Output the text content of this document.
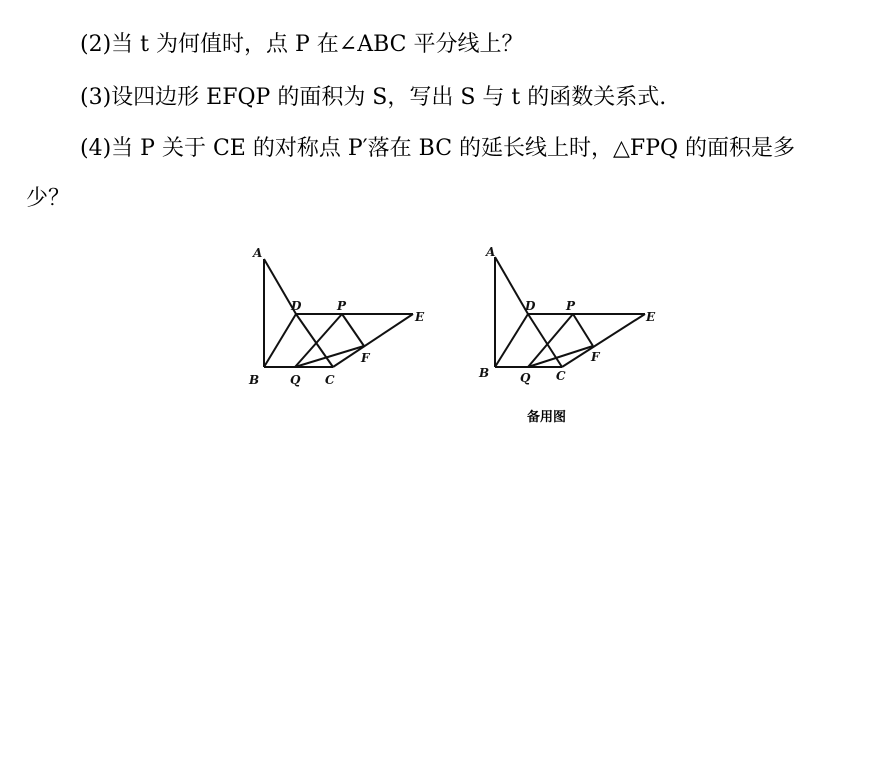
(2)当 t 为何值时，点 P 在∠ABC 平分线上？
(3)设四边形 EFQP 的面积为 S，写出 S 与 t 的函数关系式.
(4)当 P 关于 CE 的对称点 P′落在 BC 的延长线上时，△FPQ 的面积是多
少？
A
B	Q C
D	P
E
F
A
B	Q C
D	P
E
F
备用图
